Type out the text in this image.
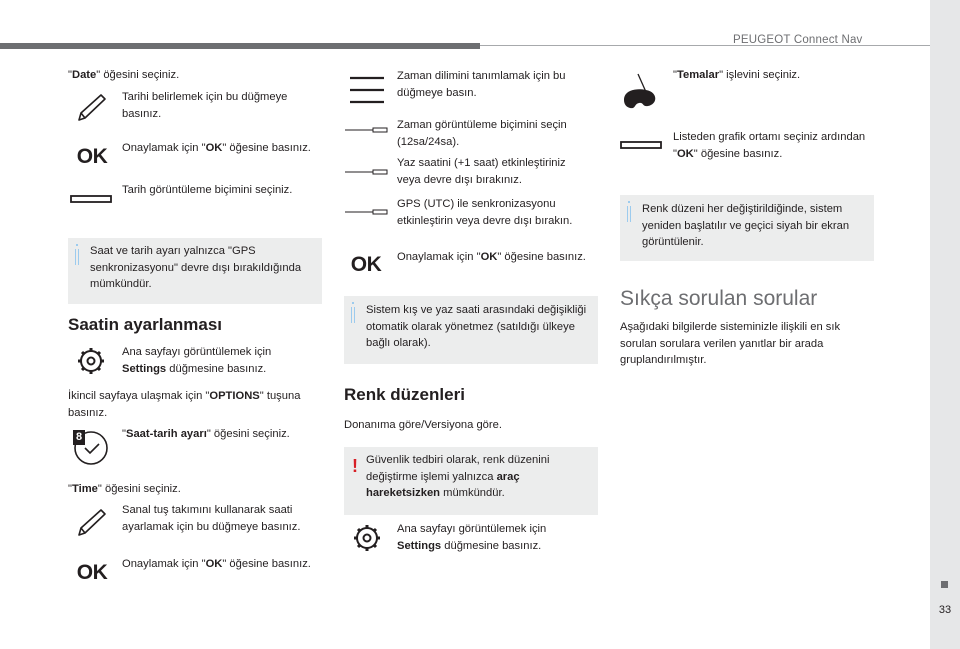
PEUGEOT Connect Nav
33
"Date" öğesini seçiniz.
Tarihi belirlemek için bu düğmeye basınız.
OK	Onaylamak için "OK" öğesine basınız.
Tarih görüntüleme biçimini seçiniz.
Saat ve tarih ayarı yalnızca "GPS senkronizasyonu" devre dışı bırakıldığında mümkündür.
Saatin ayarlanması
Ana sayfayı görüntülemek için Settings düğmesine basınız.
İkincil sayfaya ulaşmak için "OPTIONS" tuşuna basınız.
8	"Saat-tarih ayarı" öğesini seçiniz.
"Time" öğesini seçiniz.
Sanal tuş takımını kullanarak saati ayarlamak için bu düğmeye basınız.
OK	Onaylamak için "OK" öğesine basınız.
Zaman dilimini tanımlamak için bu düğmeye basın.
Zaman görüntüleme biçimini seçin (12sa/24sa).
Yaz saatini (+1 saat) etkinleştiriniz veya devre dışı bırakınız.
GPS (UTC) ile senkronizasyonu etkinleştirin veya devre dışı bırakın.
OK	Onaylamak için "OK" öğesine basınız.
Sistem kış ve yaz saati arasındaki değişikliği otomatik olarak yönetmez (satıldığı ülkeye bağlı olarak).
Renk düzenleri
Donanıma göre/Versiyona göre.
! Güvenlik tedbiri olarak, renk düzenini değiştirme işlemi yalnızca araç hareketsizken mümkündür.
Ana sayfayı görüntülemek için Settings düğmesine basınız.
"Temalar" işlevini seçiniz.
Listeden grafik ortamı seçiniz ardından "OK" öğesine basınız.
Renk düzeni her değiştirildiğinde, sistem yeniden başlatılır ve geçici siyah bir ekran görüntülenir.
Sıkça sorulan sorular
Aşağıdaki bilgilerde sisteminizle ilişkili en sık sorulan sorulara verilen yanıtlar bir arada gruplandırılmıştır.
